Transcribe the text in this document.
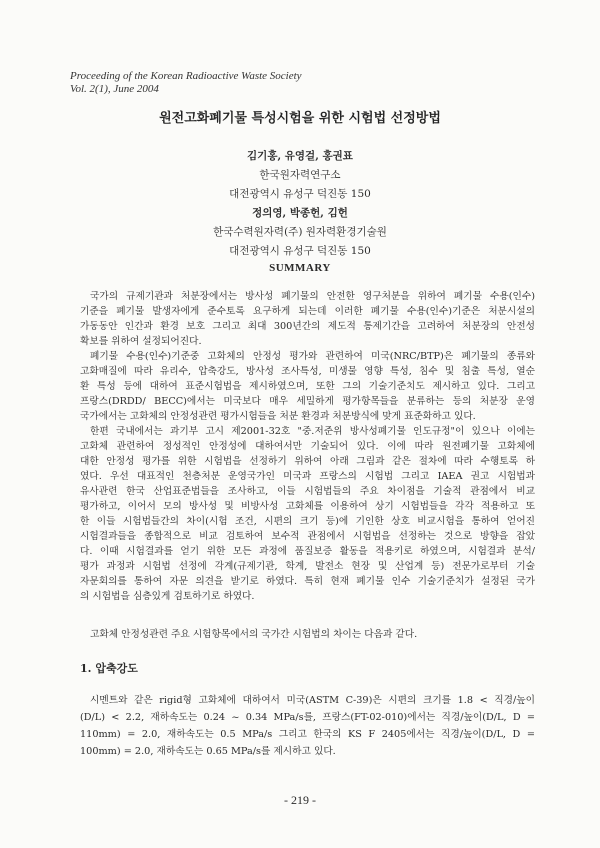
Proceeding of the Korean Radioactive Waste Society
Vol. 2(1), June 2004
원전고화폐기물 특성시험을 위한 시험법 선정방법
김기홍, 유영걸, 홍권표
한국원자력연구소
대전광역시 유성구 덕진동 150
정의영, 박종헌, 김헌
한국수력원자력(주) 원자력환경기술원
대전광역시 유성구 덕진동 150
SUMMARY
국가의 규제기관과 처분장에서는 방사성 폐기물의 안전한 영구처분을 위하여 폐기물 수용(인수)
기준을 폐기물 발생자에게 준수토록 요구하게 되는데 이러한 폐기물 수용(인수)기준은 처분시설의
가동동안 인간과 환경 보호 그리고 최대 300년간의 제도적 통제기간을 고려하여 처분장의 안전성
확보를 위하여 설정되어진다.
폐기물 수용(인수)기준중 고화체의 안정성 평가와 관련하여 미국(NRC/BTP)은 폐기물의 종류와
고화매질에 따라 유리수, 압축강도, 방사성 조사특성, 미생물 영향 특성, 침수 및 침출 특성, 열순
환 특성 등에 대하여 표준시험법을 제시하였으며, 또한 그의 기술기준치도 제시하고 있다. 그리고
프랑스(DRDD/ BECC)에서는 미국보다 매우 세밀하게 평가항목들을 분류하는 등의 처분장 운영
국가에서는 고화체의 안정성관련 평가시험들을 처분 환경과 처분방식에 맞게 표준화하고 있다.
한편 국내에서는 과기부 고시 제2001-32호 "중.저준위 방사성폐기물 인도규정"이 있으나 이에는
고화체 관련하여 정성적인 안정성에 대하여서만 기술되어 있다. 이에 따라 원전폐기물 고화체에
대한 안정성 평가를 위한 시험법을 선정하기 위하여 아래 그림과 같은 절차에 따라 수행토록 하
였다. 우선 대표적인 천층처분 운영국가인 미국과 프랑스의 시험법 그리고 IAEA 권고 시험법과
유사관련 한국 산업표준법들을 조사하고, 이들 시험법들의 주요 차이점을 기술적 관점에서 비교
평가하고, 이어서 모의 방사성 및 비방사성 고화체를 이용하여 상기 시험법들을 각각 적용하고 또
한 이들 시험법들간의 차이(시험 조건, 시편의 크기 등)에 기인한 상호 비교시험을 통하여 얻어진
시험결과들을 종합적으로 비교 검토하여 보수적 관점에서 시험법을 선정하는 것으로 방향을 잡았
다. 이때 시험결과를 얻기 위한 모든 과정에 품질보증 활동을 적용키로 하였으며, 시험결과 분석/
평가 과정과 시험법 선정에 각계(규제기관, 학계, 발전소 현장 및 산업계 등) 전문가로부터 기술
자문회의를 통하여 자문 의견을 받기로 하였다. 특히 현재 폐기물 인수 기술기준치가 설정된 국가
의 시험법을 심층있게 검토하기로 하였다.
고화체 안정성관련 주요 시험항목에서의 국가간 시험법의 차이는 다음과 같다.
1. 압축강도
시멘트와 같은 rigid형 고화체에 대하여서 미국(ASTM C-39)은 시편의 크기를 1.8 < 직경/높이
(D/L) < 2.2, 재하속도는 0.24 ~ 0.34 MPa/s를, 프랑스(FT-02-010)에서는 직경/높이(D/L, D =
110mm) = 2.0, 재하속도는 0.5 MPa/s 그리고 한국의 KS F 2405에서는 직경/높이(D/L, D =
100mm) = 2.0, 재하속도는 0.65 MPa/s를 제시하고 있다.
- 219 -
